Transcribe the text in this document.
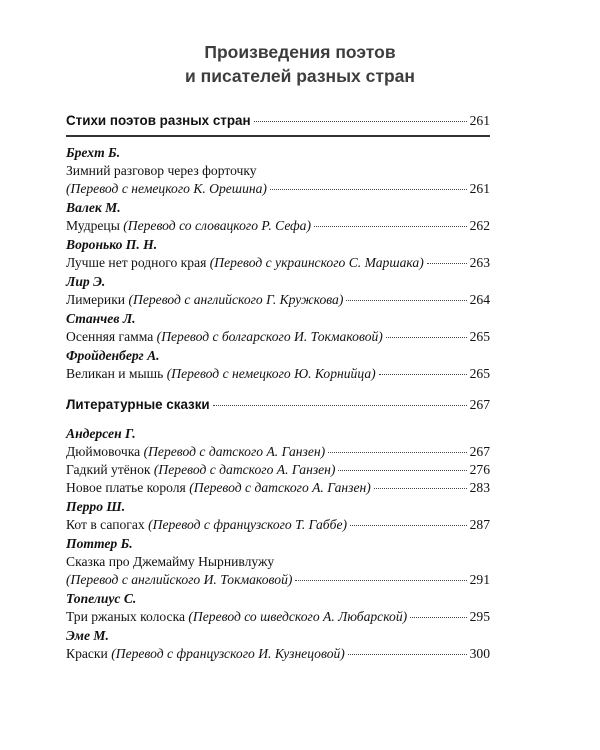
Произведения поэтов
и писателей разных стран
Стихи поэтов разных стран	261
Брехт Б.
Зимний разговор через форточку
(Перевод с немецкого К. Орешина)	261
Валек М.
Мудрецы
(Перевод со словацкого Р. Сефа)	262
Воронько П. Н.
Лучше нет родного края
(Перевод с украинского С. Маршака)	263
Лир Э.
Лимерики
(Перевод с английского Г. Кружкова)	264
Станчев Л.
Осенняя гамма
(Перевод с болгарского И. Токмаковой)	265
Фройденберг А.
Великан и мышь
(Перевод с немецкого Ю. Корнийца)	265
Литературные сказки	267
Андерсен Г.
Дюймовочка
(Перевод с датского А. Ганзен)	267
Гадкий утёнок
(Перевод с датского А. Ганзен)	276
Новое платье короля
(Перевод с датского А. Ганзен)	283
Перро Ш.
Кот в сапогах
(Перевод с французского Т. Габбе)	287
Поттер Б.
Сказка про Джемайму Нырнивлужу
(Перевод с английского И. Токмаковой)	291
Топелиус С.
Три ржаных колоска
(Перевод со шведского А. Любарской)	295
Эме М.
Краски
(Перевод с французского И. Кузнецовой)	300
